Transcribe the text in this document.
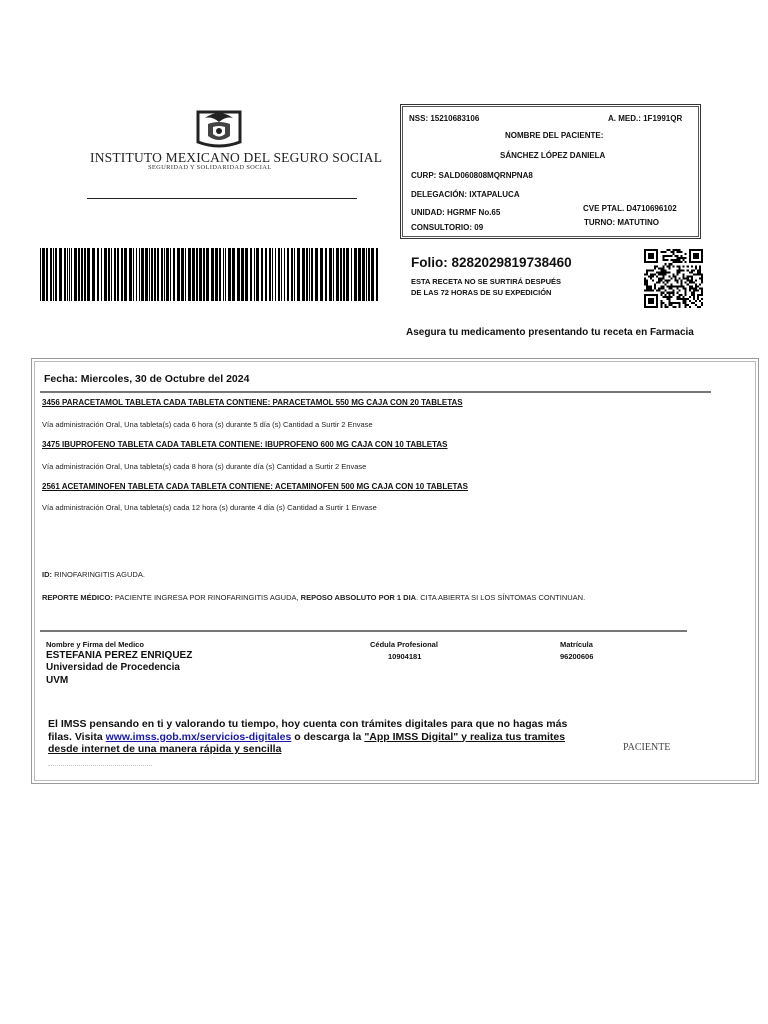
INSTITUTO MEXICANO DEL SEGURO SOCIAL
SEGURIDAD Y SOLIDARIDAD SOCIAL
NSS: 15210683106	A. MED.: 1F1991QR
NOMBRE DEL PACIENTE:
SÁNCHEZ LÓPEZ DANIELA
CURP: SALD060808MQRNPNA8
DELEGACIÓN: IXTAPALUCA
UNIDAD: HGRMF No.65	CVE PTAL. D4710696102
CONSULTORIO: 09
TURNO: MATUTINO
Folio: 8282029819738460
ESTA RECETA NO SE SURTIRÁ DESPUÉS
DE LAS 72 HORAS DE SU EXPEDICIÓN
Asegura tu medicamento presentando tu receta en Farmacia
Fecha: Miercoles, 30 de Octubre del 2024
3456 PARACETAMOL TABLETA CADA TABLETA CONTIENE: PARACETAMOL 550 MG CAJA CON 20 TABLETAS
Vía administración Oral, Una tableta(s) cada 6 hora (s) durante 5 día (s) Cantidad a Surtir 2 Envase
3475 IBUPROFENO TABLETA CADA TABLETA CONTIENE: IBUPROFENO 600 MG CAJA CON 10 TABLETAS
Vía administración Oral, Una tableta(s) cada 8 hora (s) durante día (s) Cantidad a Surtir 2 Envase
2561 ACETAMINOFEN TABLETA CADA TABLETA CONTIENE: ACETAMINOFEN 500 MG CAJA CON 10 TABLETAS
Vía administración Oral, Una tableta(s) cada 12 hora (s) durante 4 día (s) Cantidad a Surtir 1 Envase
ID: RINOFARINGITIS AGUDA.
REPORTE MÉDICO: PACIENTE INGRESA POR RINOFARINGITIS AGUDA, REPOSO ABSOLUTO POR 1 DIA. CITA ABIERTA SI LOS SÍNTOMAS CONTINUAN.
Nombre y Firma del Medico
ESTEFANIA PEREZ ENRIQUEZ
Universidad de Procedencia
UVM
Cédula Profesional
10904181
Matrícula
96200606
El IMSS pensando en ti y valorando tu tiempo, hoy cuenta con trámites digitales para que no hagas más filas. Visita www.imss.gob.mx/servicios-digitales o descarga la "App IMSS Digital" y realiza tus tramites desde internet de una manera rápida y sencilla	PACIENTE
